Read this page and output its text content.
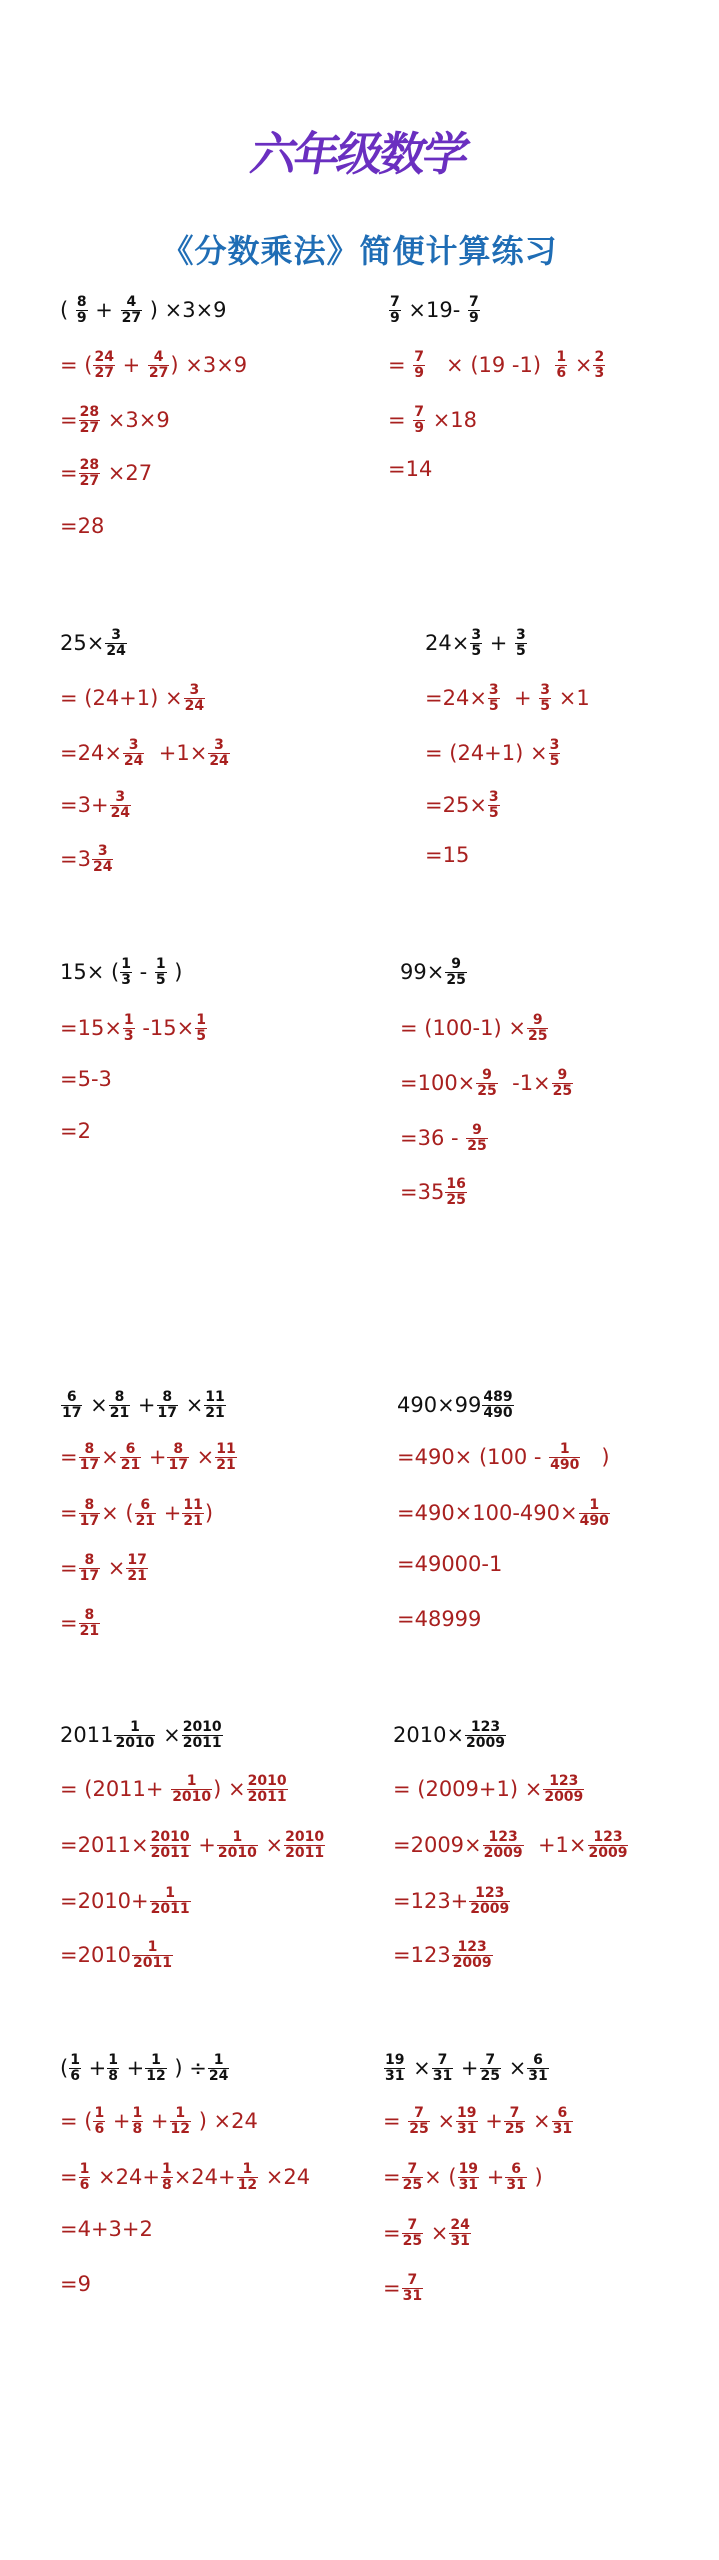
六年级数学
《分数乘法》简便计算练习
( $\frac{8}{9} + \frac{4}{27}$ ) ×3×9
= ( $\frac{24}{27} + \frac{4}{27}$ ) ×3×9
= $\frac{28}{27} \times 3\times 9$
= $\frac{28}{27} \times 27$
=28
$\frac{7}{9} \times 19- \frac{7}{9}$
= $\frac{7}{9} \times (19$ $-1) \frac{1}{6} \times \frac{2}{3}$
= $\frac{7}{9} \times 18$
=14
$25\times \frac{3}{24}$
= $(24+1) \times \frac{3}{24}$
$=24\times \frac{3}{24} +1\times \frac{3}{24}$
$=3+ \frac{3}{24}$
$=3 \frac{3}{24}$
$24\times \frac{3}{5} + \frac{3}{5}$
$=24\times \frac{3}{5} + \frac{3}{5} \times 1$
= $(24+1) \times \frac{3}{5}$
$=25\times \frac{3}{5}$
=15
15× ( $\frac{1}{3} - \frac{1}{5}$ )
$=15\times \frac{1}{3} -15\times \frac{1}{5}$
=5-3
=2
$99\times \frac{9}{25}$
= $(100-1) \times \frac{9}{25}$
$=100\times \frac{9}{25} -1\times \frac{9}{25}$
$=36 - \frac{9}{25}$
$=35 \frac{16}{25}$
$\frac{6}{17} \times \frac{8}{21} + \frac{8}{17} \times \frac{11}{21}$
= $\frac{8}{17} \times \frac{6}{21} + \frac{8}{17} \times \frac{11}{21}$
= $\frac{8}{17}$ × ( $\frac{6}{21} + \frac{11}{21}$ )
= $\frac{8}{17} \times \frac{17}{21}$
= $\frac{8}{21}$
$490\times 99 \frac{489}{490}$
$=490\times (100 - \frac{1}{490}$ )
$=490\times 100-490\times \frac{1}{490}$
=49000-1
=48999
$2011 \frac{1}{2010} \times \frac{2010}{2011}$
= ($2011+ \frac{1}{2010}$ ) × $\frac{2010}{2011}$
$=2011\times \frac{2010}{2011} + \frac{1}{2010} \times \frac{2010}{2011}$
$=2010+ \frac{1}{2011}$
$=2010 \frac{1}{2011}$
$2010\times \frac{123}{2009}$
= $(2009+1) \times \frac{123}{2009}$
$=2009\times \frac{123}{2009} +1\times \frac{123}{2009}$
$=123+ \frac{123}{2009}$
$=123 \frac{123}{2009}$
( $\frac{1}{6} + \frac{1}{8} + \frac{1}{12}$ ) ÷ $\frac{1}{24}$
= ( $\frac{1}{6} + \frac{1}{8} + \frac{1}{12}$ ) ×24
= $\frac{1}{6} \times 24+ \frac{1}{8} \times 24+ \frac{1}{12} \times 24$
=4+3+2
=9
$\frac{19}{31} \times \frac{7}{31} + \frac{7}{25} \times \frac{6}{31}$
= $\frac{7}{25} \times \frac{19}{31} + \frac{7}{25} \times \frac{6}{31}$
= $\frac{7}{25}$ × ( $\frac{19}{31} + \frac{6}{31}$ )
= $\frac{7}{25} \times \frac{24}{31}$
= $\frac{7}{31}$
